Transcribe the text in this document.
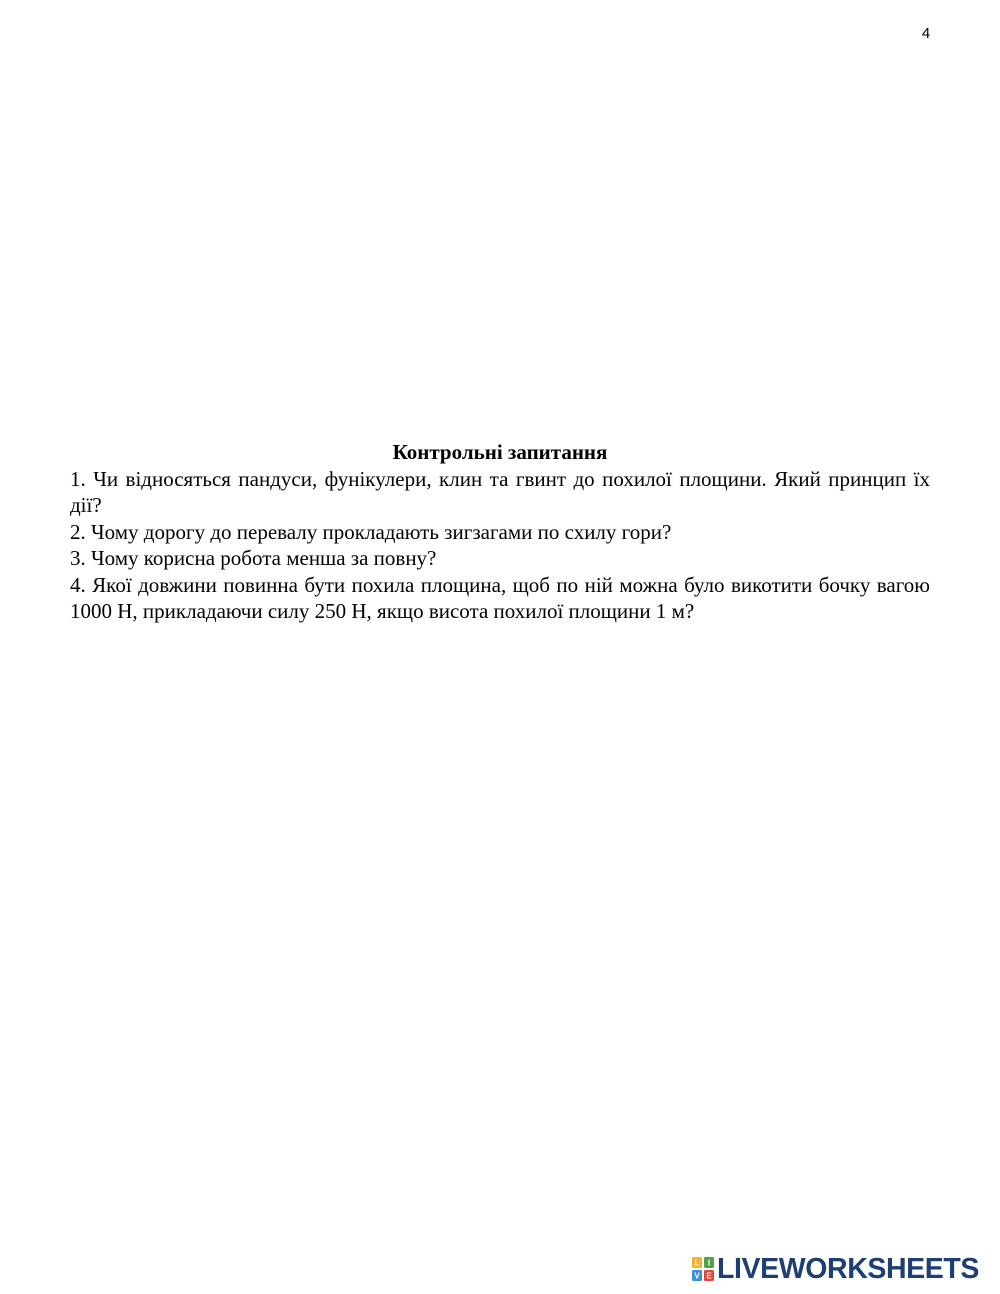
4

Контрольні запитання

1. Чи відносяться пандуси, фунікулери, клин та гвинт до похилої площини. Який принцип їх дії?

2. Чому дорогу до перевалу прокладають зигзагами по схилу гори?

3. Чому корисна робота менша за повну?

4. Якої довжини повинна бути похила площина, щоб по ній можна було викотити бочку вагою 1000 Н, прикладаючи силу 250 Н, якщо висота похилої площини 1 м?

L I
V E LIVEWORKSHEETS
